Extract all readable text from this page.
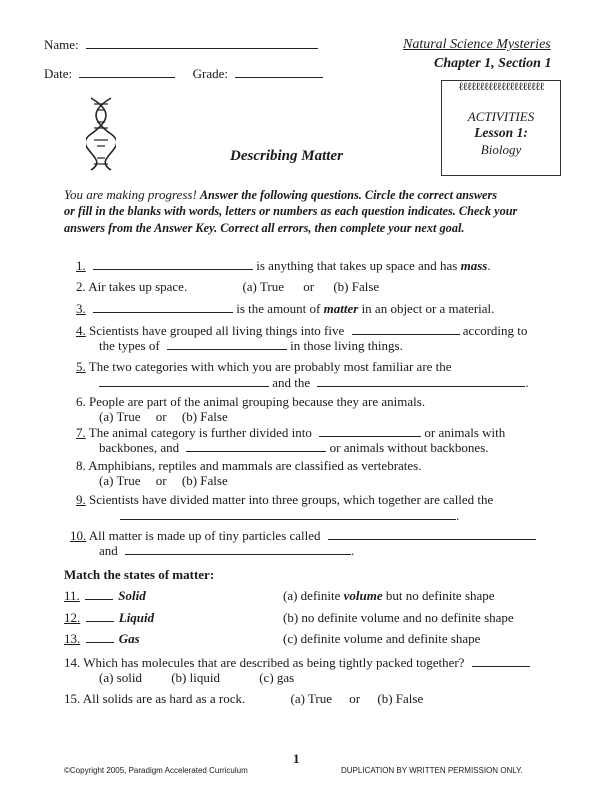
Name:
Date:	Grade:
Natural Science Mysteries
Chapter 1, Section 1
ℓℓℓℓℓℓℓℓℓℓℓℓℓℓℓℓℓℓℓℓ
ACTIVITIES
Lesson 1:
Biology
Describing Matter
You are making progress! Answer the following questions. Circle the correct answers
or fill in the blanks with words, letters or numbers as each question indicates. Check your
answers from the Answer Key. Correct all errors, then complete your next goal.
1.	is anything that takes up space and has mass.
2. Air takes up space.	(a) True or (b) False
3.	is the amount of matter in an object or a material.
4. Scientists have grouped all living things into five	according to
the types of	in those living things.
5. The two categories with which you are probably most familiar are the
and the	.
6. People are part of the animal grouping because they are animals.
(a) True or (b) False
7. The animal category is further divided into	or animals with
backbones, and	or animals without backbones.
8. Amphibians, reptiles and mammals are classified as vertebrates.
(a) True or (b) False
9. Scientists have divided matter into three groups, which together are called the
.
10. All matter is made up of tiny particles called
and	.
Match the states of matter:
11.	Solid	(a) definite volume but no definite shape
12.	Liquid	(b) no definite volume and no definite shape
13.	Gas	(c) definite volume and definite shape
14. Which has molecules that are described as being tightly packed together?
(a) solid (b) liquid	(c) gas
15. All solids are as hard as a rock.	(a) True or (b) False
1
©Copyright 2005, Paradigm Accelerated Curriculum	DUPLICATION BY WRITTEN PERMISSION ONLY.
